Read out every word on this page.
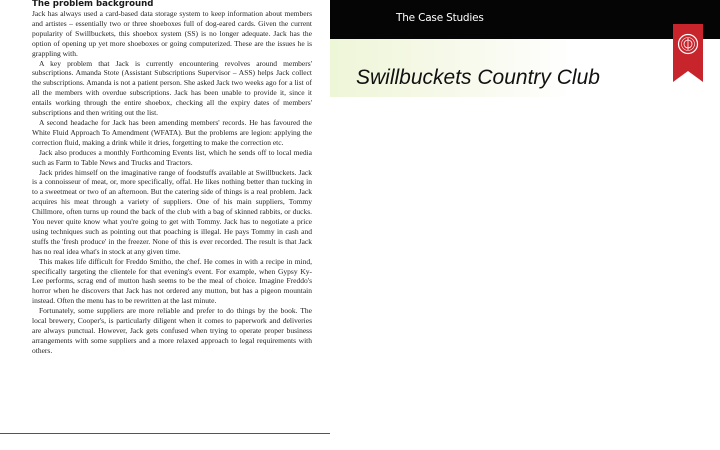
The problem background

Jack has always used a card-based data storage system to keep information about members and artistes – essentially two or three shoeboxes full of dog-eared cards. Given the current popularity of Swillbuckets, this shoebox system (SS) is no longer adequate. Jack has the option of opening up yet more shoeboxes or going computerized. These are the issues he is grappling with.

A key problem that Jack is currently encountering revolves around members' subscriptions. Amanda Stote (Assistant Subscriptions Supervisor – ASS) helps Jack collect the subscriptions. Amanda is not a patient person. She asked Jack two weeks ago for a list of all the members with overdue subscriptions. Jack has been unable to provide it, since it entails working through the entire shoebox, checking all the expiry dates of members' subscriptions and then writing out the list.

A second headache for Jack has been amending members' records. He has favoured the White Fluid Approach To Amendment (WFATA). But the problems are legion: applying the correction fluid, making a drink while it dries, forgetting to make the correction etc.

Jack also produces a monthly Forthcoming Events list, which he sends off to local media such as Farm to Table News and Trucks and Tractors.

Jack prides himself on the imaginative range of foodstuffs available at Swillbuckets. Jack is a connoisseur of meat, or, more specifically, offal. He likes nothing better than tucking in to a sweetmeat or two of an afternoon. But the catering side of things is a real problem. Jack acquires his meat through a variety of suppliers. One of his main suppliers, Tommy Chillmore, often turns up round the back of the club with a bag of skinned rabbits, or ducks. You never quite know what you're going to get with Tommy. Jack has to negotiate a price using techniques such as pointing out that poaching is illegal. He pays Tommy in cash and stuffs the 'fresh produce' in the freezer. None of this is ever recorded. The result is that Jack has no real idea what's in stock at any given time.

This makes life difficult for Freddo Smitho, the chef. He comes in with a recipe in mind, specifically targeting the clientele for that evening's event. For example, when Gypsy Ky-Lee performs, scrag end of mutton hash seems to be the meal of choice. Imagine Freddo's horror when he discovers that Jack has not ordered any mutton, but has a pigeon mountain instead. Often the menu has to be rewritten at the last minute.

Fortunately, some suppliers are more reliable and prefer to do things by the book. The local brewery, Cooper's, is particularly diligent when it comes to paperwork and deliveries are always punctual. However, Jack gets confused when trying to operate proper business arrangements with some suppliers and a more relaxed approach to legal requirements with others.

The Case Studies
Swillbuckets Country Club
